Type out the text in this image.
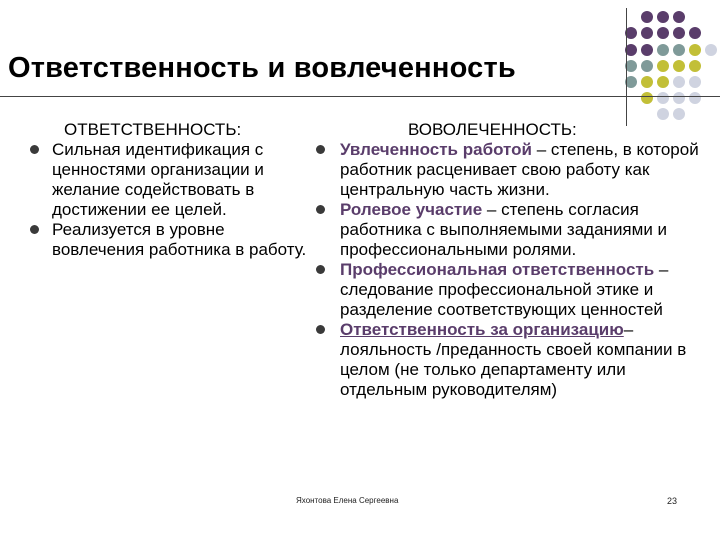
Ответственность и вовлеченность
ОТВЕТСТВЕННОСТЬ:
Сильная идентификация с ценностями организации и желание содействовать в достижении ее целей.
Реализуется в уровне вовлечения работника в работу.
ВОВОЛЕЧЕННОСТЬ:
Увлеченность работой – степень, в которой работник расценивает свою работу как центральную часть жизни.
Ролевое участие – степень согласия работника с выполняемыми заданиями и профессиональными ролями.
Профессиональная ответственность – следование профессиональной этике и разделение соответствующих ценностей
Ответственность за организацию– лояльность /преданность своей компании в целом (не только департаменту или отдельным руководителям)
Яхонтова Елена Сергеевна	23
